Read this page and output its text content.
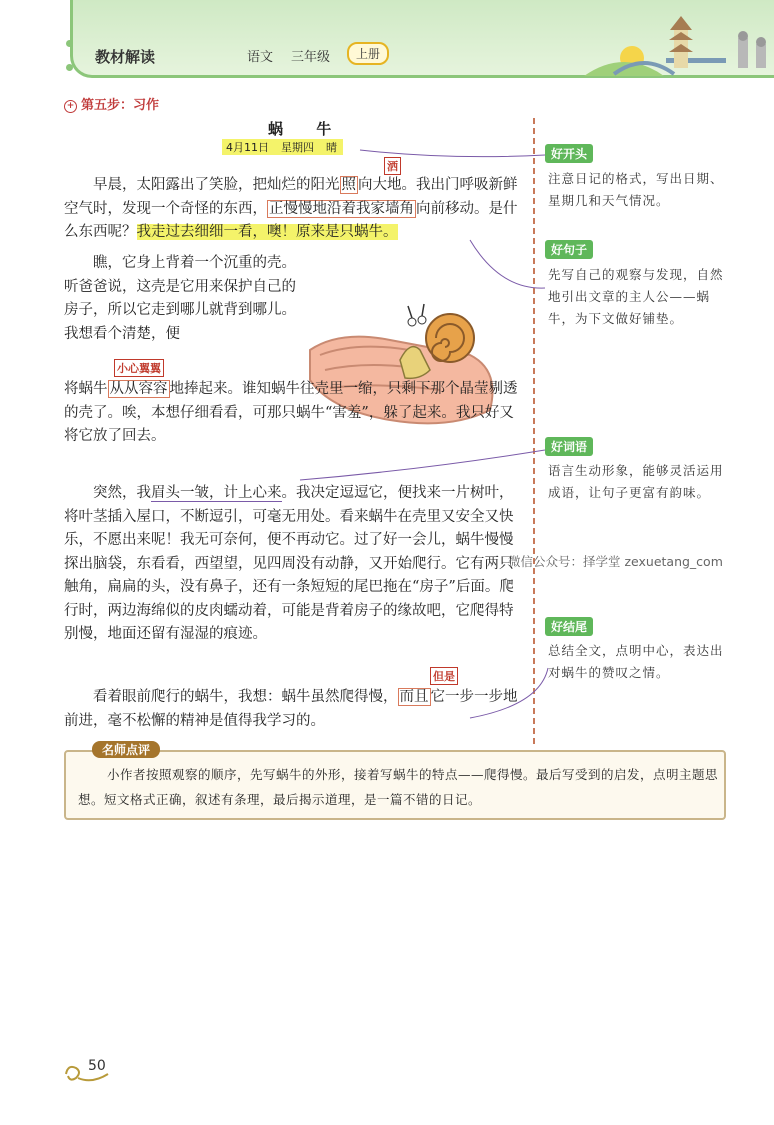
教材解读	语文 三年级	上册
+ 第五步：习作
蜗 牛
4月11日 星期四 晴
早晨，太阳露出了笑脸，把灿烂的阳光 照 向大地。我出门呼吸新鲜空气时，发现一个奇怪的东西， 正慢慢地沿着我家墙角 向前移动。是什么东西呢？我走过去细细一看，噢！原来是只蜗牛。
洒
瞧，它身上背着一个沉重的壳。听爸爸说，这壳是它用来保护自己的房子，所以它走到哪儿就背到哪儿。我想看个清楚，便
将蜗牛 从从容容 地捧起来。谁知蜗牛往壳里一缩，只剩下那个晶莹剔透的壳了。唉，本想仔细看看，可那只蜗牛“害羞”，躲了起来。我只好又将它放了回去。
小心翼翼
突然，我眉头一皱，计上心来。我决定逗逗它，便找来一片树叶，将叶茎插入屋口，不断逗引，可毫无用处。看来蜗牛在壳里又安全又快乐，不愿出来呢！我无可奈何，便不再动它。过了好一会儿，蜗牛慢慢探出脑袋，东看看，西望望，见四周没有动静，又开始爬行。它有两只触角，扁扁的头，没有鼻子，还有一条短短的尾巴拖在“房子”后面。爬行时，两边海绵似的皮肉蠕动着，可能是背着房子的缘故吧，它爬得特别慢，地面还留有湿湿的痕迹。
看着眼前爬行的蜗牛，我想：蜗牛虽然爬得慢， 而且 它一步一步地前进，毫不松懈的精神是值得我学习的。
但是
好开头
注意日记的格式，写出日期、星期几和天气情况。
好句子
先写自己的观察与发现，自然地引出文章的主人公——蜗牛，为下文做好铺垫。
好词语
语言生动形象，能够灵活运用成语，让句子更富有韵味。
好结尾
总结全文，点明中心，表达出对蜗牛的赞叹之情。
微信公众号：择学堂 zexuetang_com
名师点评
小作者按照观察的顺序，先写蜗牛的外形，接着写蜗牛的特点——爬得慢。最后写受到的启发，点明主题思想。短文格式正确，叙述有条理，最后揭示道理，是一篇不错的日记。
50
